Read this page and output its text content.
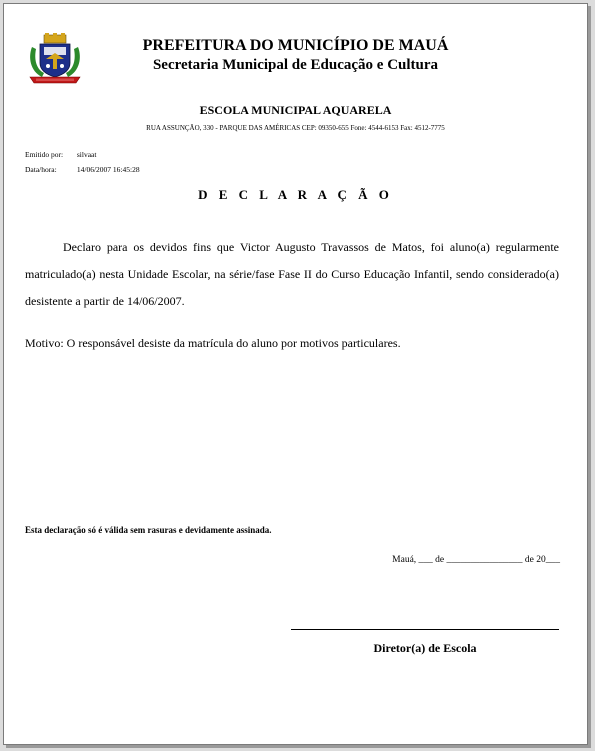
PREFEITURA DO MUNICÍPIO DE MAUÁ

Secretaria Municipal de Educação e Cultura

ESCOLA MUNICIPAL AQUARELA

RUA ASSUNÇÃO, 330 - PARQUE DAS AMÉRICAS CEP: 09350-655 Fone: 4544-6153 Fax: 4512-7775

Emitido por: silvaat
Data/hora:	14/06/2007 16:45:28
D E C L A R A Ç Ã O

Declaro para os devidos fins que Victor Augusto Travassos de Matos, foi aluno(a) regularmente matriculado(a) nesta Unidade Escolar, na série/fase Fase II do Curso Educação Infantil, sendo considerado(a) desistente a partir de 14/06/2007.

Motivo: O responsável desiste da matrícula do aluno por motivos particulares.

Esta declaração só é válida sem rasuras e devidamente assinada.

Mauá, ___ de ________________ de 20___

Diretor(a) de Escola
